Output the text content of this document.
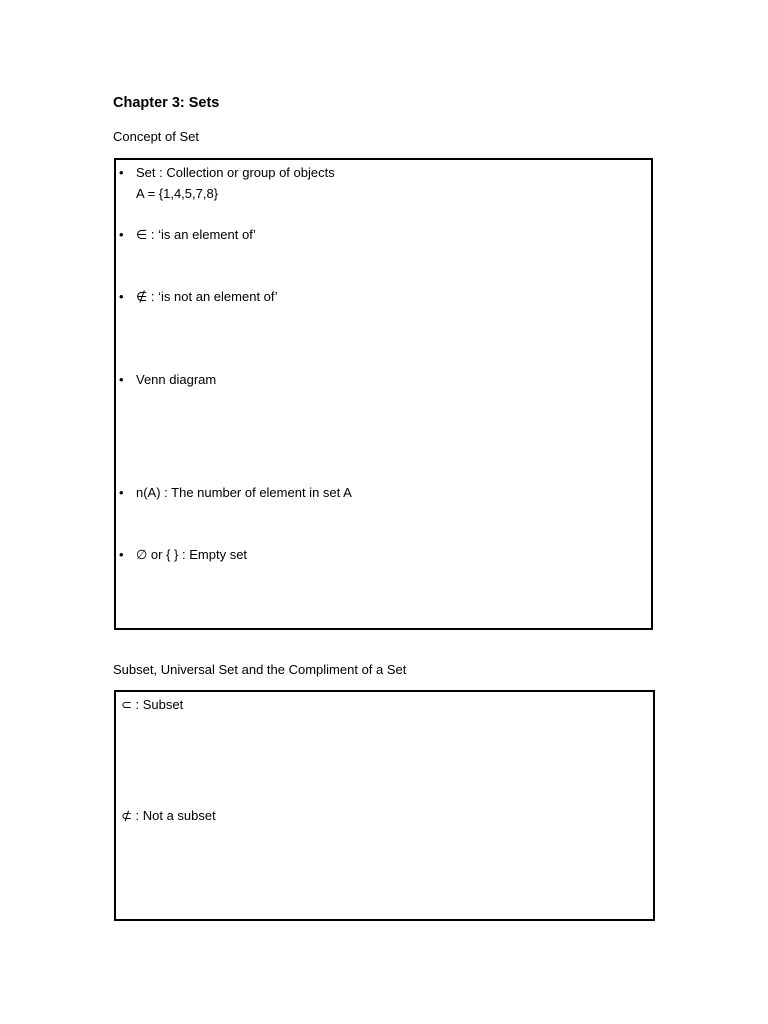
Chapter 3: Sets
Concept of Set
• Set : Collection or group of objects
A = {1,4,5,7,8}
• ∈ : ‘is an element of’
• ∉ : ‘is not an element of’
• Venn diagram
• n(A) : The number of element in set A
• ∅ or { } : Empty set
Subset, Universal Set and the Compliment of a Set
⊂ : Subset
⊄ : Not a subset
